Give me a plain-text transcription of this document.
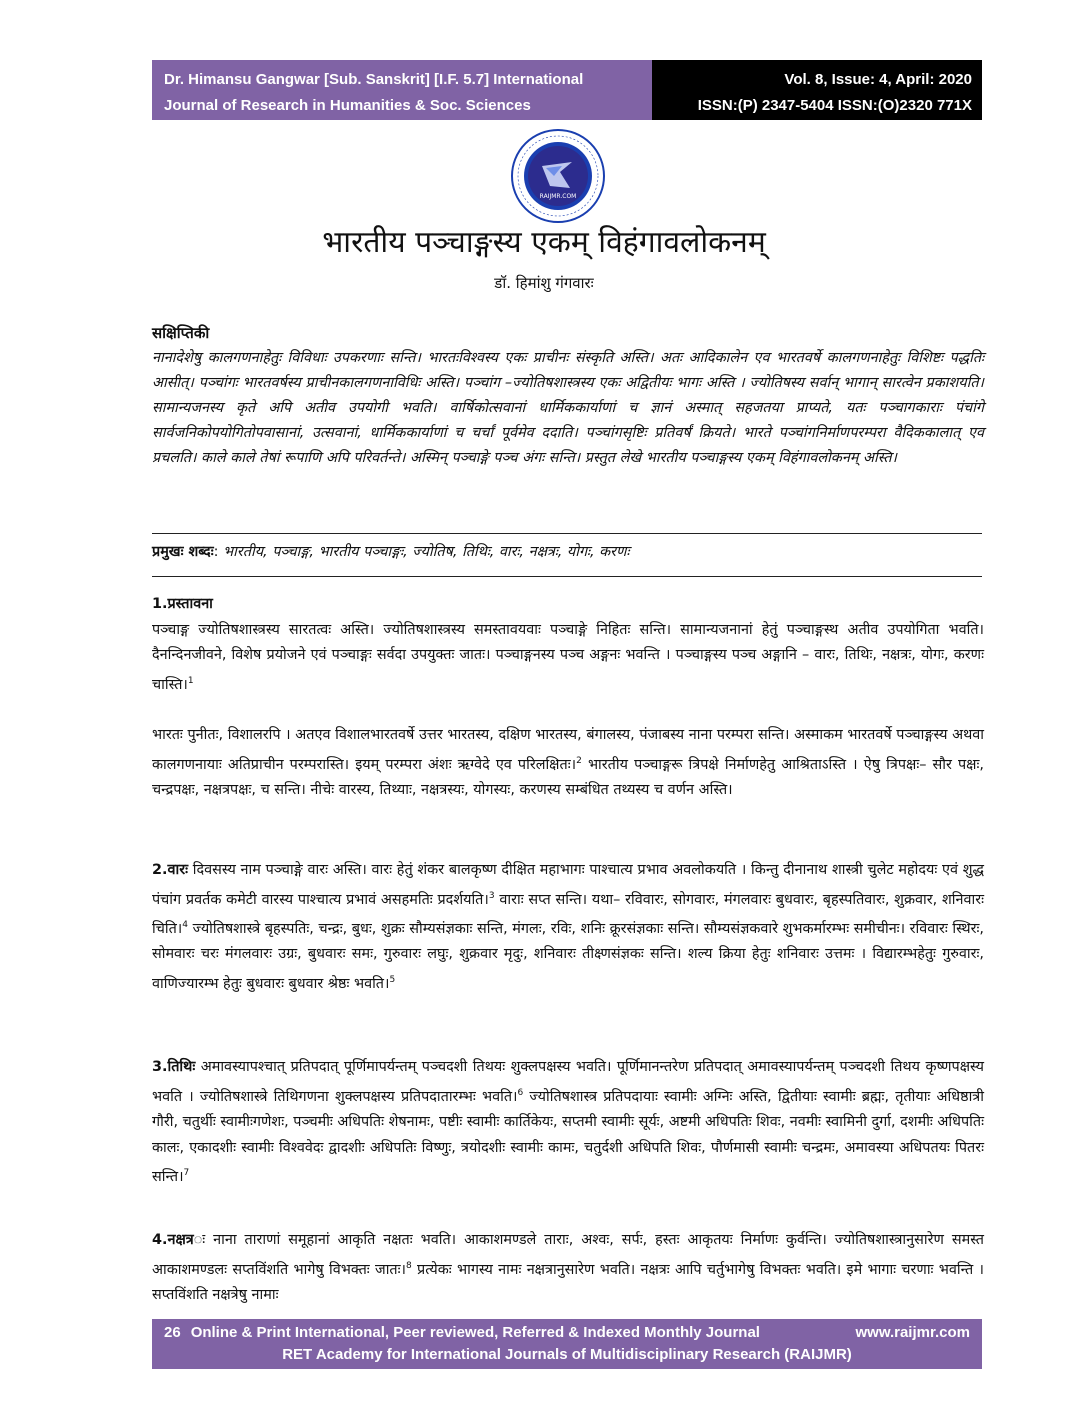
Dr. Himansu Gangwar [Sub. Sanskrit] [I.F. 5.7] International
Journal of Research in Humanities & Soc. Sciences
Vol. 8, Issue: 4, April: 2020
ISSN:(P) 2347-5404 ISSN:(O)2320 771X
RAIJMR.COM
भारतीय पञ्चाङ्गस्य एकम् विहंगावलोकनम्
डॉ. हिमांशु गंगवारः
सक्षिप्तिकी
नानादेशेषु कालगणनाहेतुः विविधाः उपकरणाः सन्ति। भारतःविश्वस्य एकः प्राचीनः संस्कृति अस्ति। अतः आदिकालेन एव भारतवर्षे कालगणनाहेतुः विशिष्टः पद्धतिः आसीत्। पञ्चांगः भारतवर्षस्य प्राचीनकालगणनाविधिः अस्ति। पञ्चांग –ज्योतिषशास्त्रस्य एकः अद्वितीयः भागः अस्ति । ज्योतिषस्य सर्वान् भागान् सारत्वेन प्रकाशयति। सामान्यजनस्य कृते अपि अतीव उपयोगी भवति। वार्षिकोत्सवानां धार्मिककार्याणां च ज्ञानं अस्मात् सहजतया प्राप्यते, यतः पञ्चागकाराः पंचांगे सार्वजनिकोपयोगितोपवासानां, उत्सवानां, धार्मिककार्याणां च चर्चां पूर्वमेव ददाति। पञ्चांगसृष्टिः प्रतिवर्षं क्रियते। भारते पञ्चांगनिर्माणपरम्परा वैदिककालात् एव प्रचलति। काले काले तेषां रूपाणि अपि परिवर्तन्ते। अस्मिन् पञ्चाङ्गे पञ्च अंगः सन्ति। प्रस्तुत लेखे भारतीय पञ्चाङ्गस्य एकम् विहंगावलोकनम् अस्ति।
प्रमुखः शब्दः: भारतीय, पञ्चाङ्ग, भारतीय पञ्चाङ्गः, ज्योतिष, तिथिः, वारः, नक्षत्रः, योगः, करणः
1.प्रस्तावना
पञ्चाङ्ग ज्योतिषशास्त्रस्य सारतत्वः अस्ति। ज्योतिषशास्त्रस्य समस्तावयवाः पञ्चाङ्गे निहितः सन्ति। सामान्यजनानां हेतुं पञ्चाङ्गस्थ अतीव उपयोगिता भवति। दैनन्दिनजीवने, विशेष प्रयोजने एवं पञ्चाङ्गः सर्वदा उपयुक्तः जातः। पञ्चाङ्गनस्य पञ्च अङ्गनः भवन्ति । पञ्चाङ्गस्य पञ्च अङ्गानि – वारः, तिथिः, नक्षत्रः, योगः, करणः चास्ति।$^1$
भारतः पुनीतः, विशालरपि । अतएव विशालभारतवर्षे उत्तर भारतस्य, दक्षिण भारतस्य, बंगालस्य, पंजाबस्य नाना परम्परा सन्ति। अस्माकम भारतवर्षे पञ्चाङ्गस्य अथवा कालगणनायाः अतिप्राचीन परम्परास्ति। इयम् परम्परा अंशः ऋग्वेदे एव परिलक्षितः।$^2$ भारतीय पञ्चाङ्गरू त्रिपक्षे निर्माणहेतु आश्रिताऽस्ति । ऐषु त्रिपक्षः– सौर पक्षः, चन्द्रपक्षः, नक्षत्रपक्षः, च सन्ति। नीचेः वारस्य, तिथ्याः, नक्षत्रस्यः, योगस्यः, करणस्य सम्बंधित तथ्यस्य च वर्णन अस्ति।
2.वारः दिवसस्य नाम पञ्चाङ्गे वारः अस्ति। वारः हेतुं शंकर बालकृष्ण दीक्षित महाभागः पाश्चात्य प्रभाव अवलोकयति । किन्तु दीनानाथ शास्त्री चुलेट महोदयः एवं शुद्ध पंचांग प्रवर्तक कमेटी वारस्य पाश्चात्य प्रभावं असहमतिः प्रदर्शयति।$^3$ वाराः सप्त सन्ति। यथा– रविवारः, सोगवारः, मंगलवारः बुधवारः, बृहस्पतिवारः, शुक्रवार, शनिवारः चिति।$^4$ ज्योतिषशास्त्रे बृहस्पतिः, चन्द्रः, बुधः, शुक्रः सौम्यसंज्ञकाः सन्ति, मंगलः, रविः, शनिः क्रूरसंज्ञकाः सन्ति। सौम्यसंज्ञकवारे शुभकर्मारम्भः समीचीनः। रविवारः स्थिरः, सोमवारः चरः मंगलवारः उग्रः, बुधवारः समः, गुरुवारः लघुः, शुक्रवार मृदुः, शनिवारः तीक्ष्णसंज्ञकः सन्ति। शल्य क्रिया हेतुः शनिवारः उत्तमः । विद्यारम्भहेतुः गुरुवारः, वाणिज्यारम्भ हेतुः बुधवारः बुधवार श्रेष्ठः भवति।$^5$
3.तिथिः अमावस्यापश्चात् प्रतिपदात् पूर्णिमापर्यन्तम् पञ्चदशी तिथयः शुक्लपक्षस्य भवति। पूर्णिमानन्तरेण प्रतिपदात् अमावस्यापर्यन्तम् पञ्चदशी तिथय कृष्णपक्षस्य भवति । ज्योतिषशास्त्रे तिथिगणना शुक्लपक्षस्य प्रतिपदातारम्भः भवति।$^6$ ज्योतिषशास्त्र प्रतिपदायाः स्वामीः अग्निः अस्ति, द्वितीयाः स्वामीः ब्रह्मः, तृतीयाः अधिष्ठात्री गौरी, चतुर्थीः स्वामीःगणेशः, पञ्चमीः अधिपतिः शेषनामः, पष्टीः स्वामीः कार्तिकेयः, सप्तमी स्वामीः सूर्यः, अष्टमी अधिपतिः शिवः, नवमीः स्वामिनी दुर्गा, दशमीः अधिपतिः कालः, एकादशीः स्वामीः विश्ववेदः द्वादशीः अधिपतिः विष्णुः, त्रयोदशीः स्वामीः कामः, चतुर्दशी अधिपति शिवः, पौर्णमासी स्वामीः चन्द्रमः, अमावस्या अधिपतयः पितरः सन्ति।$^7$
4.नक्षत्रः नाना ताराणां समूहानां आकृति नक्षतः भवति। आकाशमण्डले ताराः, अश्वः, सर्पः, हस्तः आकृतयः निर्माणः कुर्वन्ति। ज्योतिषशास्त्रानुसारेण समस्त आकाशमण्डलः सप्तविंशति भागेषु विभक्तः जातः।$^8$ प्रत्येकः भागस्य नामः नक्षत्रानुसारेण भवति। नक्षत्रः आपि चर्तुभागेषु विभक्तः भवति। इमे भागाः चरणाः भवन्ति । सप्तविंशति नक्षत्रेषु नामाः
26 Online & Print International, Peer reviewed, Referred & Indexed Monthly Journal	www.raijmr.com
RET Academy for International Journals of Multidisciplinary Research (RAIJMR)
